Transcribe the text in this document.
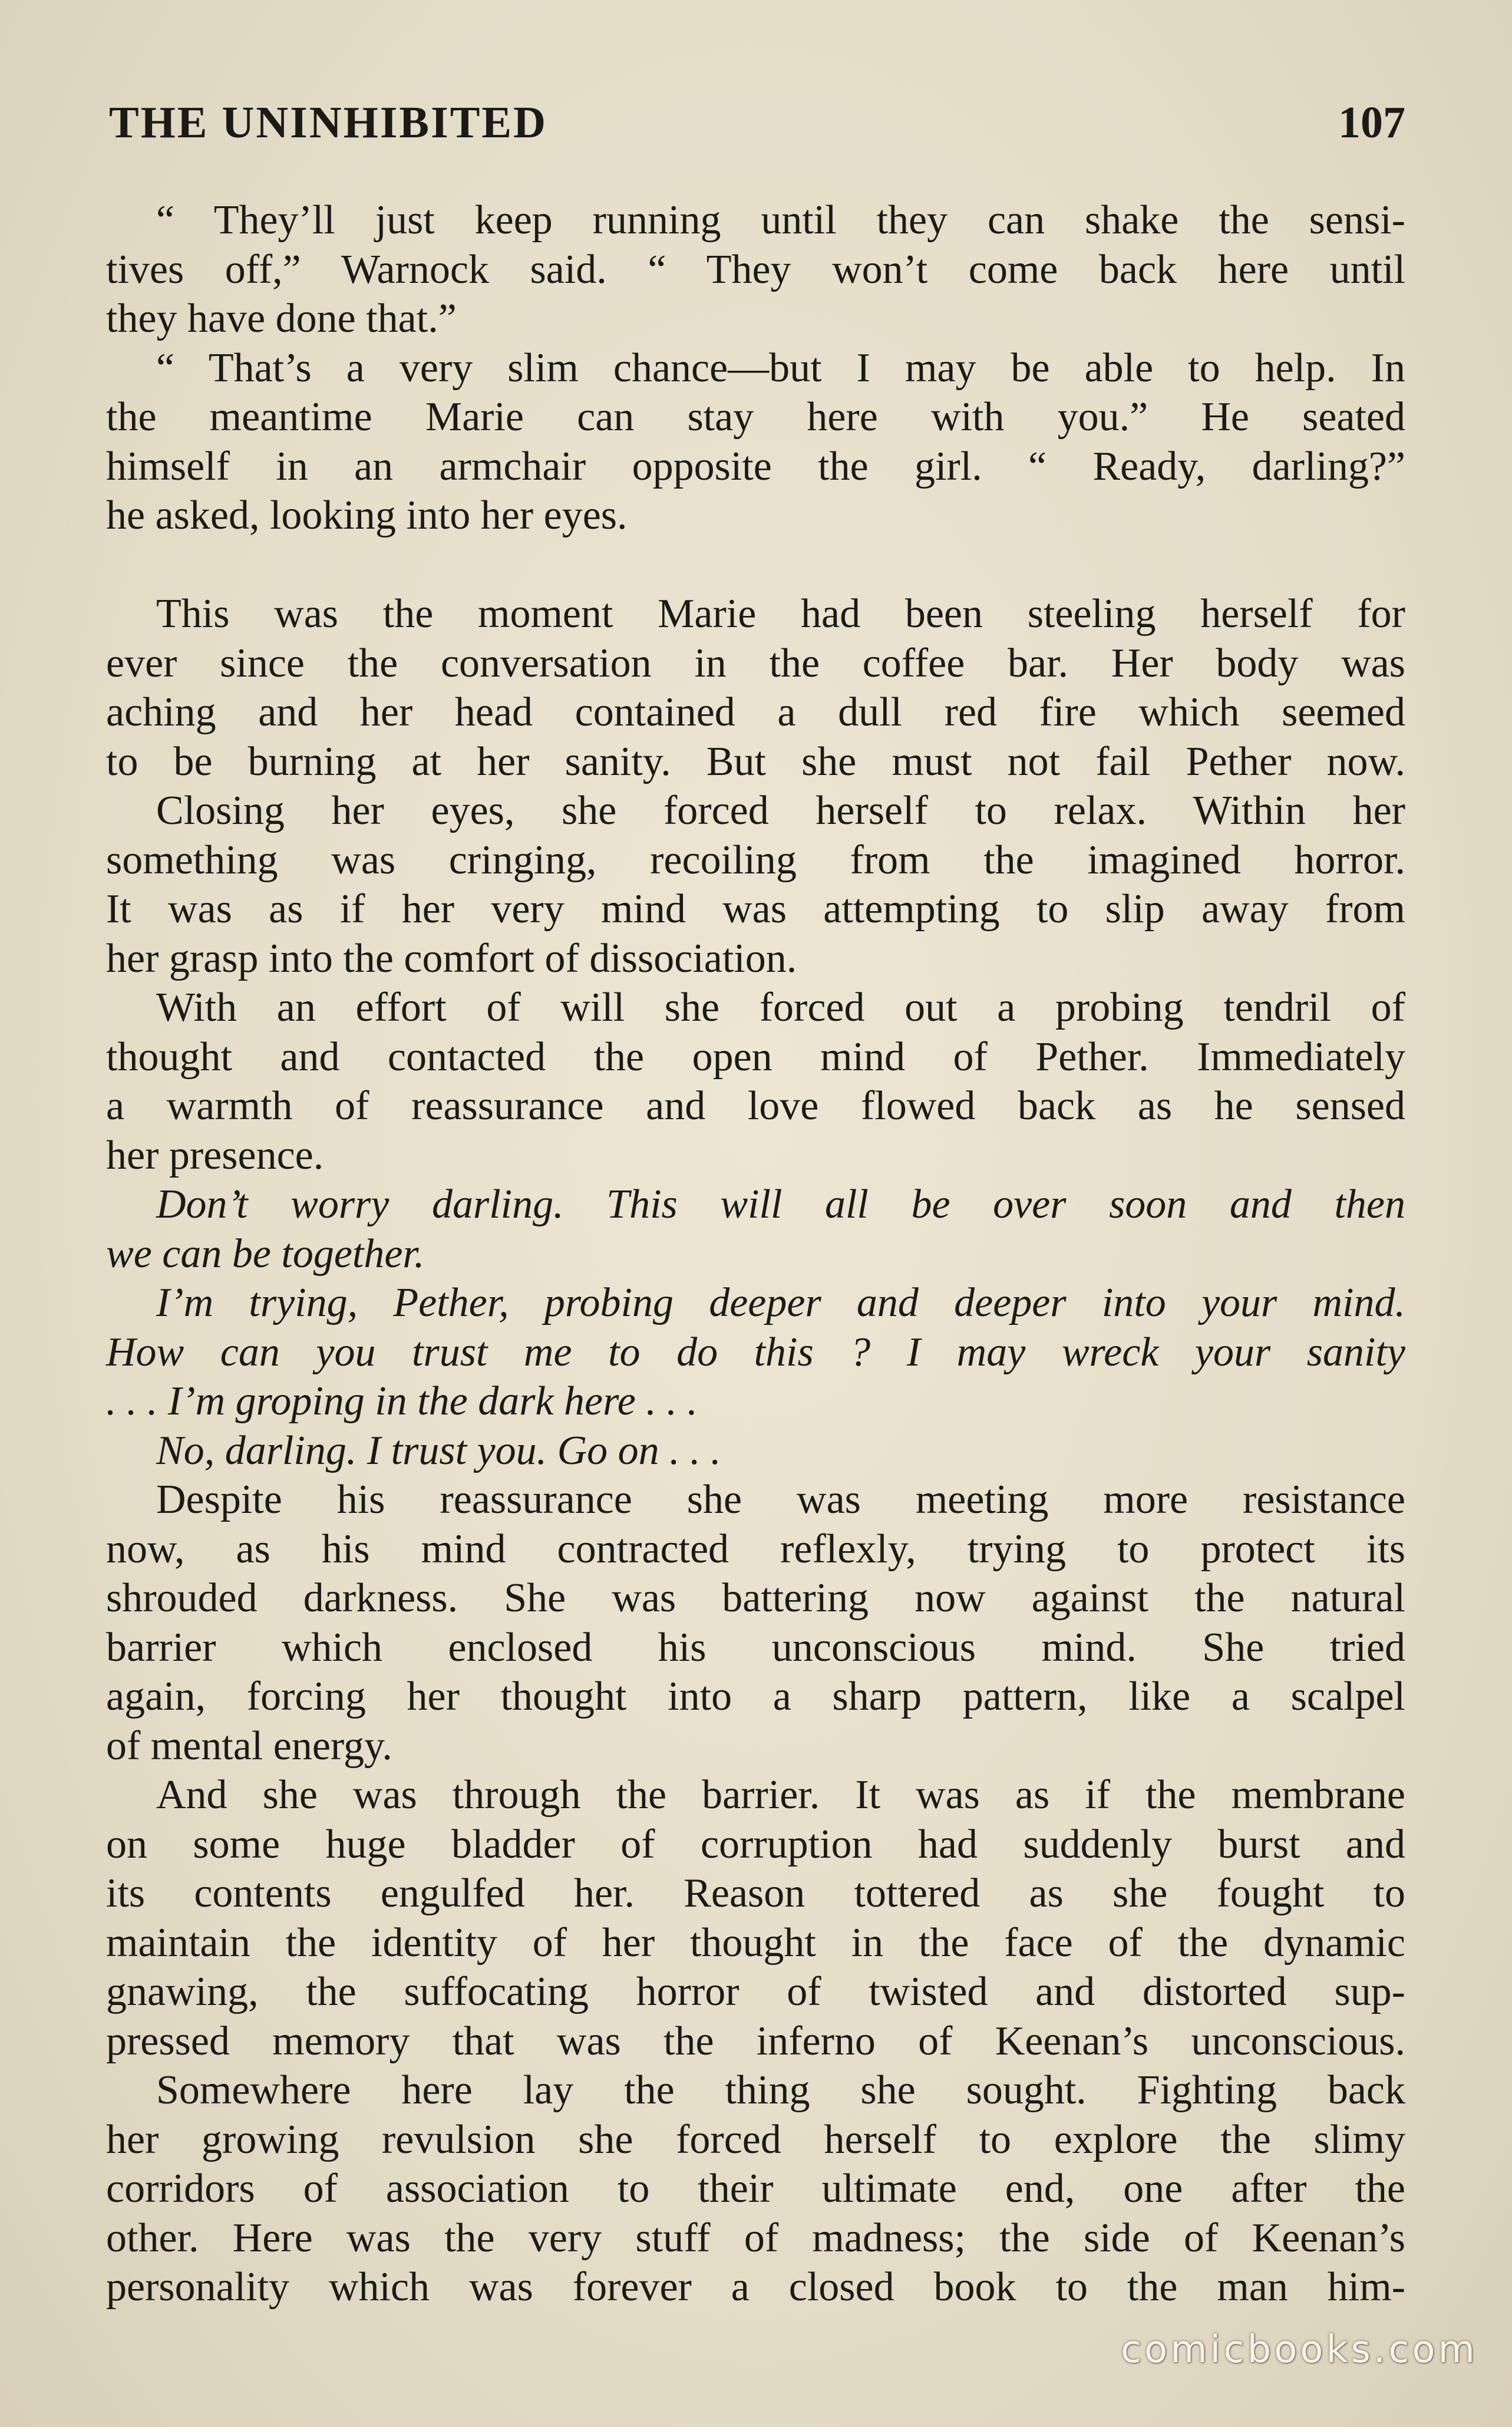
THE UNINHIBITED	107
“ They’ll just keep running until they can shake the sensi-
tives off,” Warnock said. “ They won’t come back here until
they have done that.”
“ That’s a very slim chance—but I may be able to help. In
the meantime Marie can stay here with you.” He seated
himself in an armchair opposite the girl. “ Ready, darling?”
he asked, looking into her eyes.
This was the moment Marie had been steeling herself for
ever since the conversation in the coffee bar. Her body was
aching and her head contained a dull red fire which seemed
to be burning at her sanity. But she must not fail Pether now.
Closing her eyes, she forced herself to relax. Within her
something was cringing, recoiling from the imagined horror.
It was as if her very mind was attempting to slip away from
her grasp into the comfort of dissociation.
With an effort of will she forced out a probing tendril of
thought and contacted the open mind of Pether. Immediately
a warmth of reassurance and love flowed back as he sensed
her presence.
Don’t worry darling. This will all be over soon and then
we can be together.
I’m trying, Pether, probing deeper and deeper into your mind.
How can you trust me to do this ? I may wreck your sanity
. . . I’m groping in the dark here . . .
No, darling. I trust you. Go on . . .
Despite his reassurance she was meeting more resistance
now, as his mind contracted reflexly, trying to protect its
shrouded darkness. She was battering now against the natural
barrier which enclosed his unconscious mind. She tried
again, forcing her thought into a sharp pattern, like a scalpel
of mental energy.
And she was through the barrier. It was as if the membrane
on some huge bladder of corruption had suddenly burst and
its contents engulfed her. Reason tottered as she fought to
maintain the identity of her thought in the face of the dynamic
gnawing, the suffocating horror of twisted and distorted sup-
pressed memory that was the inferno of Keenan’s unconscious.
Somewhere here lay the thing she sought. Fighting back
her growing revulsion she forced herself to explore the slimy
corridors of association to their ultimate end, one after the
other. Here was the very stuff of madness; the side of Keenan’s
personality which was forever a closed book to the man him-
comicbooks.com
